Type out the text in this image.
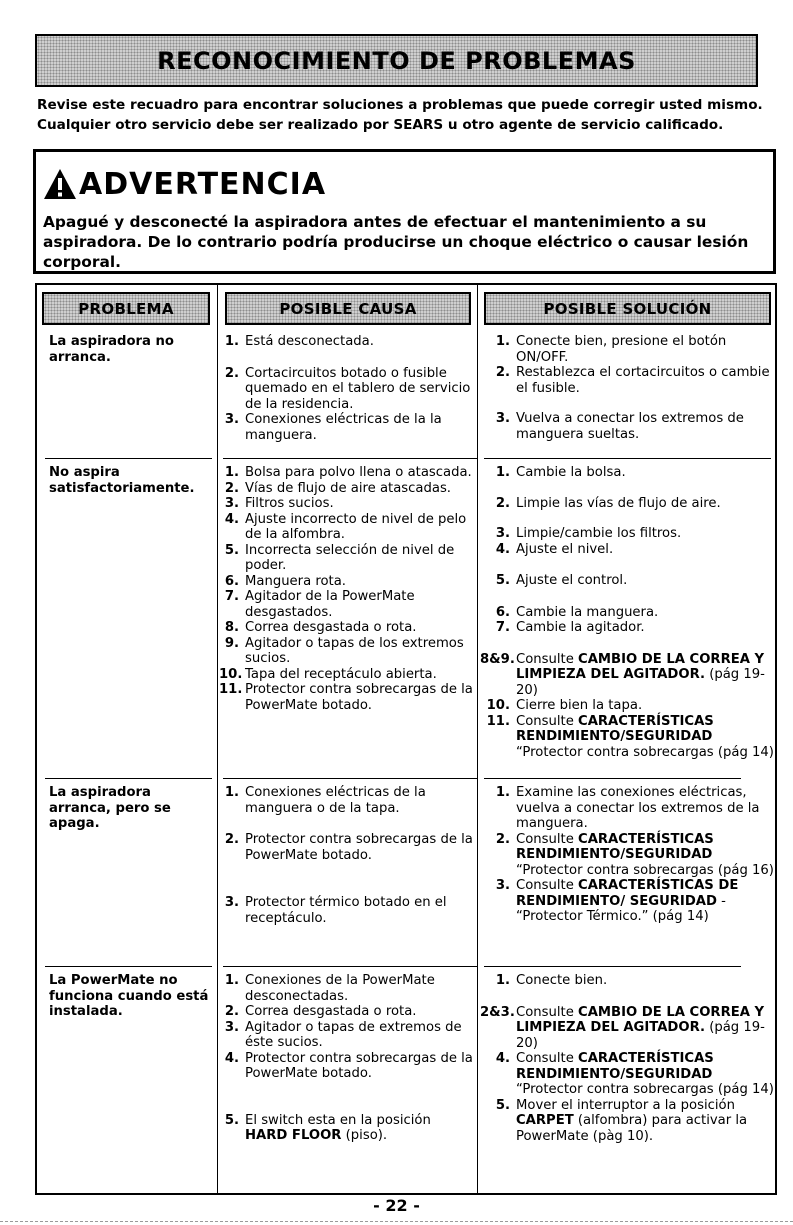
RECONOCIMIENTO DE PROBLEMAS
Revise este recuadro para encontrar soluciones a problemas que puede corregir usted mismo.
Cualquier otro servicio debe ser realizado por SEARS u otro agente de servicio calificado.
ADVERTENCIA
Apagué y desconecté la aspiradora antes de efectuar el mantenimiento a su aspiradora. De lo contrario podría producirse un choque eléctrico o causar lesión corporal.
PROBLEMA	POSIBLE CAUSA	POSIBLE SOLUCIÓN
La aspiradora no arranca.
1. Está desconectada.
2. Cortacircuitos botado o fusible quemado en el tablero de servicio de la residencia.
3. Conexiones eléctricas de la la manguera.
1. Conecte bien, presione el botón ON/OFF.
2. Restablezca el cortacircuitos o cambie el fusible.
3. Vuelva a conectar los extremos de manguera sueltas.
No aspira satisfactoriamente.
1. Bolsa para polvo llena o atascada.
2. Vías de flujo de aire atascadas.
3. Filtros sucios.
4. Ajuste incorrecto de nivel de pelo de la alfombra.
5. Incorrecta selección de nivel de poder.
6. Manguera rota.
7. Agitador de la PowerMate desgastados.
8. Correa desgastada o rota.
9. Agitador o tapas de los extremos sucios.
10. Tapa del receptáculo abierta.
11. Protector contra sobrecargas de la PowerMate botado.
1. Cambie la bolsa.
2. Limpie las vías de flujo de aire.
3. Limpie/cambie los filtros.
4. Ajuste el nivel.
5. Ajuste el control.
6. Cambie la manguera.
7. Cambie la agitador.
8&9. Consulte CAMBIO DE LA CORREA Y LIMPIEZA DEL AGITADOR. (pág 19-20)
10. Cierre bien la tapa.
11. Consulte CARACTERÍSTICAS RENDIMIENTO/SEGURIDAD “Protector contra sobrecargas (pág 14).
La aspiradora arranca, pero se apaga.
1. Conexiones eléctricas de la manguera o de la tapa.
2. Protector contra sobrecargas de la PowerMate botado.
3. Protector térmico botado en el receptáculo.
1. Examine las conexiones eléctricas, vuelva a conectar los extremos de la manguera.
2. Consulte CARACTERÍSTICAS RENDIMIENTO/SEGURIDAD “Protector contra sobrecargas (pág 16).
3. Consulte CARACTERÍSTICAS DE RENDIMIENTO/ SEGURIDAD - “Protector Térmico.” (pág 14)
La PowerMate no funciona cuando está instalada.
1. Conexiones de la PowerMate desconectadas.
2. Correa desgastada o rota.
3. Agitador o tapas de extremos de éste sucios.
4. Protector contra sobrecargas de la PowerMate botado.
5. El switch esta en la posición HARD FLOOR (piso).
1. Conecte bien.
2&3. Consulte CAMBIO DE LA CORREA Y LIMPIEZA DEL AGITADOR. (pág 19-20)
4. Consulte CARACTERÍSTICAS RENDIMIENTO/SEGURIDAD “Protector contra sobrecargas (pág 14).
5. Mover el interruptor a la posición CARPET (alfombra) para activar la PowerMate (pàg 10).
- 22 -
